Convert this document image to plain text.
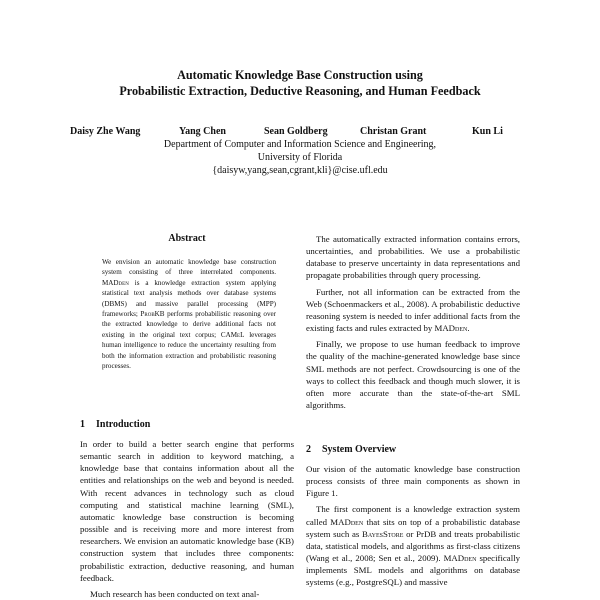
Automatic Knowledge Base Construction using
Probabilistic Extraction, Deductive Reasoning, and Human Feedback
Daisy Zhe Wang	Yang Chen	Sean Goldberg	Christan Grant	Kun Li
Department of Computer and Information Science and Engineering,
University of Florida
{daisyw,yang,sean,cgrant,kli}@cise.ufl.edu
Abstract

We envision an automatic knowledge base construction system consisting of three interrelated components. MADden is a knowledge extraction system applying statistical text analysis methods over database systems (DBMS) and massive parallel processing (MPP) frameworks; ProbKB performs probabilistic reasoning over the extracted knowledge to derive additional facts not existing in the original text corpus; CAMeL leverages human intelligence to reduce the uncertainty resulting from both the information extraction and probabilistic reasoning processes.

1 Introduction

In order to build a better search engine that performs semantic search in addition to keyword matching, a knowledge base that contains information about all the entities and relationships on the web and beyond is needed. With recent advances in technology such as cloud computing and statistical machine learning (SML), automatic knowledge base construction is becoming possible and is receiving more and more interest from researchers. We envision an automatic knowledge base (KB) construction system that includes three components: probabilistic extraction, deductive reasoning, and human feedback.

Much research has been conducted on text anal-

The automatically extracted information contains errors, uncertainties, and probabilities. We use a probabilistic database to preserve uncertainty in data representations and propagate probabilities through query processing.

Further, not all information can be extracted from the Web (Schoenmackers et al., 2008). A probabilistic deductive reasoning system is needed to infer additional facts from the existing facts and rules extracted by MADden.

Finally, we propose to use human feedback to improve the quality of the machine-generated knowledge base since SML methods are not perfect. Crowdsourcing is one of the ways to collect this feedback and though much slower, it is often more accurate than the state-of-the-art SML algorithms.

2 System Overview

Our vision of the automatic knowledge base construction process consists of three main components as shown in Figure 1.

The first component is a knowledge extraction system called MADden that sits on top of a probabilistic database system such as BayesStore or PrDB and treats probabilistic data, statistical models, and algorithms as first-class citizens (Wang et al., 2008; Sen et al., 2009). MADden specifically implements SML models and algorithms on database systems (e.g., PostgreSQL) and massive
